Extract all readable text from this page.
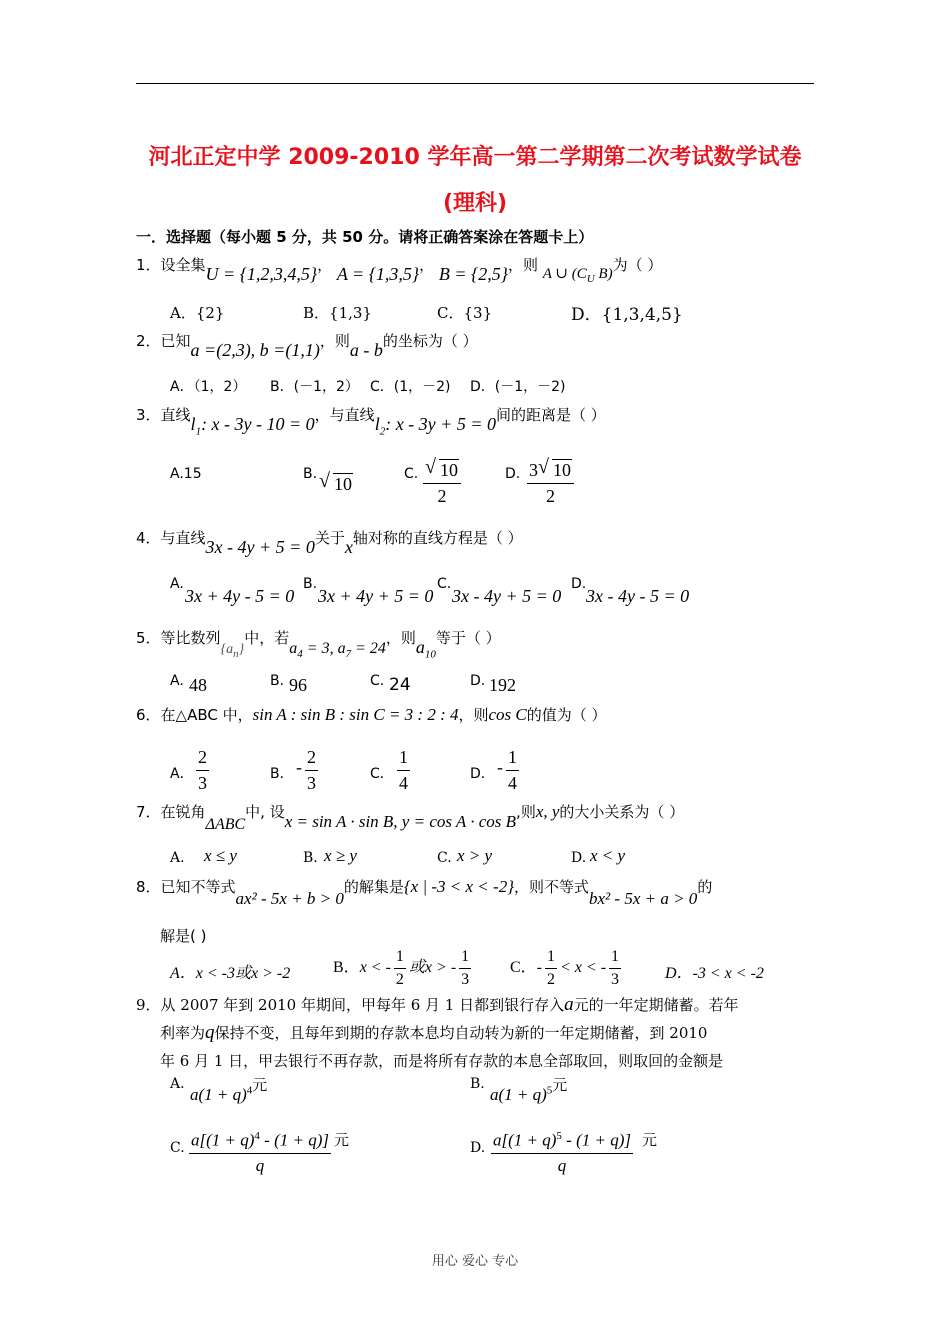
河北正定中学 2009-2010 学年高一第二学期第二次考试数学试卷
(理科)
一．选择题（每小题 5 分，共 50 分。请将正确答案涂在答题卡上）
1．设全集U = {1,2,3,4,5}， A = {1,3,5}， B = {2,5}，则 A ∪ ($C_U$ B)为（ ）
A．{2}	B．{1,3}	C．{3}	D．{1,3,4,5}
2．已知a =(2,3), b =(1,1)，则a - b的坐标为（ ）
A．（1，2） B．(－1，2） C．(1，－2) D．(－1，－2)
3．直线$l_1$: x - 3y - 10 = 0，与直线$l_2$: x - 3y + 5 = 0间的距离是（ ）
A.15	B. √ 10	C. $\frac{√ 10}{2}$	D. $\frac{3 √ 10}{2}$
4．与直线3x - 4y + 5 = 0关于x轴对称的直线方程是（ ）
A.
3x + 4y - 5 = 0
B.
3x + 4y + 5 = 0
C.
3x - 4y + 5 = 0
D.
3x - 4y - 5 = 0
5．等比数列$\{a_n\}$中，若$a_4 = 3$, $a_7 = 24$，则$a_{10}$等于（ ）
A. 48	B. 96	C. 24	D. 192
6．在△ABC 中，sin A : sin B : sin C = 3 : 2 : 4，则cos C的值为（ ）
A． $\frac{2}{3}$	B． - $\frac{2}{3}$	C． $\frac{1}{4}$	D． - $\frac{1}{4}$
7．在锐角ΔABC中, 设x = sin A · sin B, y = cos A · cos B,则x, y的大小关系为（ ）
A. x ≤ y	B. x ≥ y	C. x > y	D. x < y
8．已知不等式ax² - 5x + b > 0的解集是{x | -3 < x < -2}，则不等式bx² - 5x + a > 0的
解是( )
A．x < -3或x > -2	B．x < - $\frac{1}{2}$ 或x > - $\frac{1}{3}$ C．- $\frac{1}{2} < x$ < - $\frac{1}{3}$	D．-3 < x < -2
9．从 2007 年到 2010 年期间，甲每年 6 月 1 日都到银行存入a元的一年定期储蓄。若年
利率为q保持不变，且每年到期的存款本息均自动转为新的一年定期储蓄，到 2010
年 6 月 1 日，甲去银行不再存款，而是将所有存款的本息全部取回，则取回的金额是
A.
$a(1 + q)^4$元	B.
$a(1 + q)^5$元
C. $\frac{a[(1 + q)^4 - (1 + q)]}{q}$ 元	D. $\frac{a[(1 + q)^5 - (1 + q)]}{q}$ 元
用心 爱心 专心
